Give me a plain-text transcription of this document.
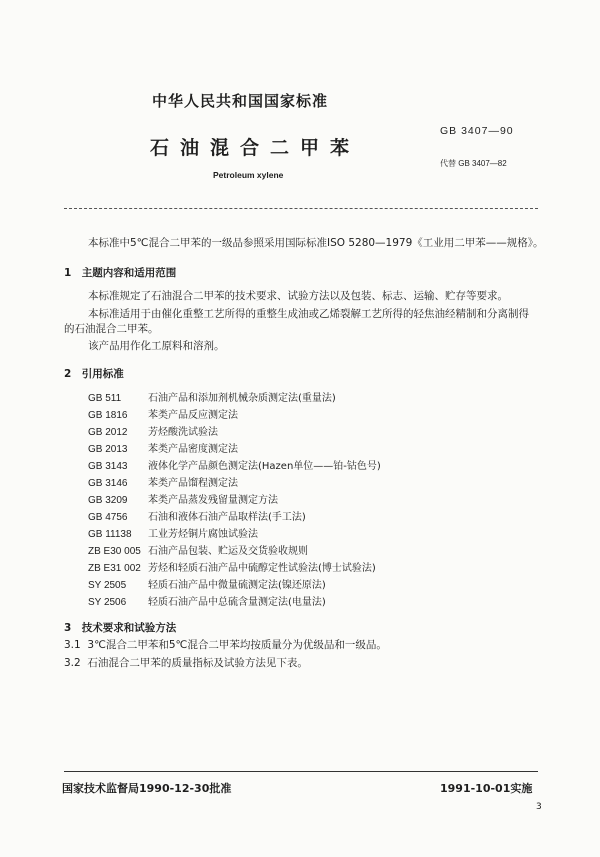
中华人民共和国国家标准
石油混合二甲苯
Petroleum xylene
GB 3407—90
代替 GB 3407—82
本标准中5℃混合二甲苯的一级品参照采用国际标准ISO 5280—1979《工业用二甲苯——规格》。
1　主题内容和适用范围
本标准规定了石油混合二甲苯的技术要求、试验方法以及包装、标志、运输、贮存等要求。
本标准适用于由催化重整工艺所得的重整生成油或乙烯裂解工艺所得的轻焦油经精制和分离制得
的石油混合二甲苯。
该产品用作化工原料和溶剂。
2　引用标准
GB 511	石油产品和添加剂机械杂质测定法(重量法)
GB 1816 苯类产品反应测定法
GB 2012 芳烃酸洗试验法
GB 2013 苯类产品密度测定法
GB 3143 液体化学产品颜色测定法(Hazen单位——铂-钴色号)
GB 3146 苯类产品馏程测定法
GB 3209 苯类产品蒸发残留量测定方法
GB 4756 石油和液体石油产品取样法(手工法)
GB 11138 工业芳烃铜片腐蚀试验法
ZB E30 005 石油产品包装、贮运及交货验收规则
ZB E31 002 芳烃和轻质石油产品中硫醇定性试验法(博士试验法)
SY 2505 轻质石油产品中微量硫测定法(镍还原法)
SY 2506 轻质石油产品中总硫含量测定法(电量法)
3　技术要求和试验方法
3.1 3℃混合二甲苯和5℃混合二甲苯均按质量分为优级品和一级品。
3.2 石油混合二甲苯的质量指标及试验方法见下表。
国家技术监督局1990-12-30批准	1991-10-01实施
3
